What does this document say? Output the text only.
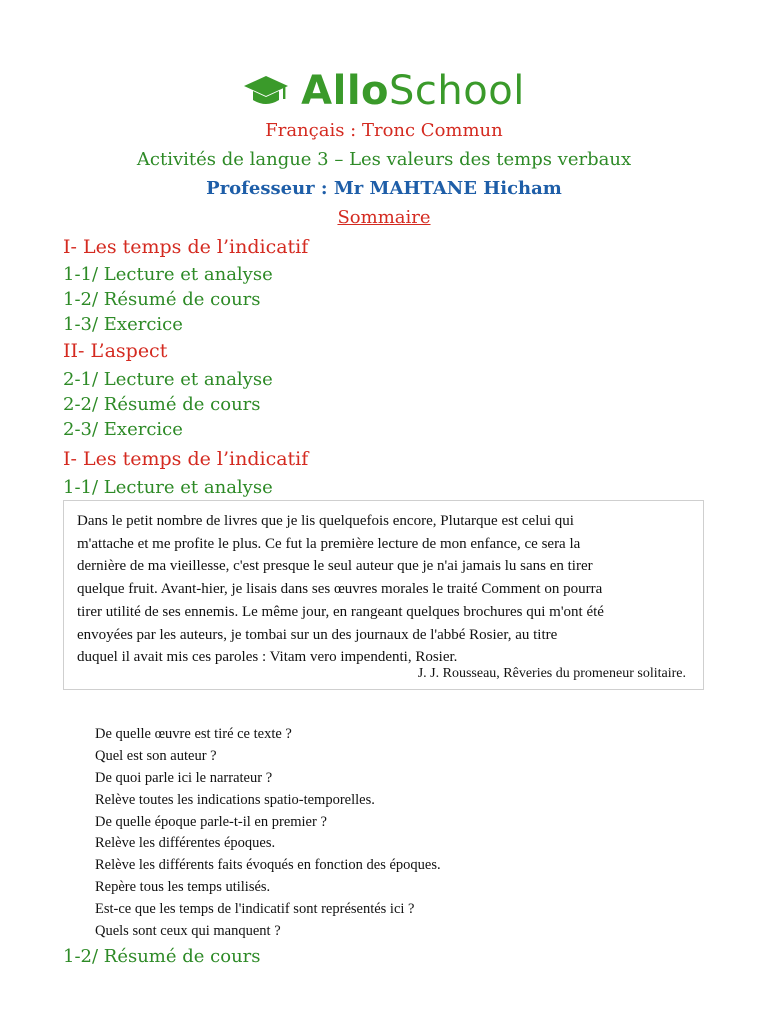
AlloSchool
Français : Tronc Commun
Activités de langue 3 – Les valeurs des temps verbaux
Professeur : Mr MAHTANE Hicham
Sommaire
I- Les temps de l’indicatif
1-1/ Lecture et analyse
1-2/ Résumé de cours
1-3/ Exercice
II- L’aspect
2-1/ Lecture et analyse
2-2/ Résumé de cours
2-3/ Exercice
I- Les temps de l’indicatif
1-1/ Lecture et analyse

Dans le petit nombre de livres que je lis quelquefois encore, Plutarque est celui qui

m'attache et me profite le plus. Ce fut la première lecture de mon enfance, ce sera la

dernière de ma vieillesse, c'est presque le seul auteur que je n'ai jamais lu sans en tirer

quelque fruit. Avant-hier, je lisais dans ses œuvres morales le traité Comment on pourra

tirer utilité de ses ennemis. Le même jour, en rangeant quelques brochures qui m'ont été

envoyées par les auteurs, je tombai sur un des journaux de l'abbé Rosier, au titre

duquel il avait mis ces paroles : Vitam vero impendenti, Rosier.

J. J. Rousseau, Rêveries du promeneur solitaire.
De quelle œuvre est tiré ce texte ?
Quel est son auteur ?
De quoi parle ici le narrateur ?
Relève toutes les indications spatio-temporelles.
De quelle époque parle-t-il en premier ?
Relève les différentes époques.
Relève les différents faits évoqués en fonction des époques.
Repère tous les temps utilisés.
Est-ce que les temps de l'indicatif sont représentés ici ?
Quels sont ceux qui manquent ?
1-2/ Résumé de cours
